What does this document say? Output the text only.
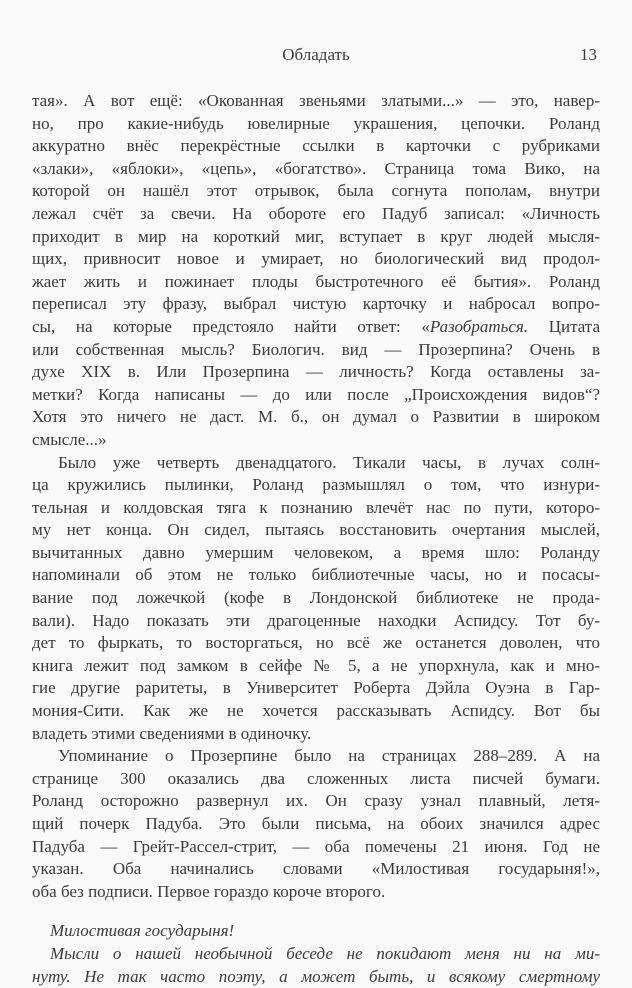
Обладать	13
тая». А вот ещё: «Окованная звеньями златыми...» — это, навер-
но, про какие-нибудь ювелирные украшения, цепочки. Роланд
аккуратно внёс перекрёстные ссылки в карточки с рубриками
«злаки», «яблоки», «цепь», «богатство». Страница тома Вико, на
которой он нашёл этот отрывок, была согнута пополам, внутри
лежал счёт за свечи. На обороте его Падуб записал: «Личность
приходит в мир на короткий миг, вступает в круг людей мысля-
щих, привносит новое и умирает, но биологический вид продол-
жает жить и пожинает плоды быстротечного её бытия». Роланд
переписал эту фразу, выбрал чистую карточку и набросал вопро-
сы, на которые предстояло найти ответ: «Разобраться. Цитата
или собственная мысль? Биологич. вид — Прозерпина? Очень в
духе XIX в. Или Прозерпина — личность? Когда оставлены за-
метки? Когда написаны — до или после „Происхождения видов“?
Хотя это ничего не даст. М. б., он думал о Развитии в широком
смысле...»
Было уже четверть двенадцатого. Тикали часы, в лучах солн-
ца кружились пылинки, Роланд размышлял о том, что изнури-
тельная и колдовская тяга к познанию влечёт нас по пути, которо-
му нет конца. Он сидел, пытаясь восстановить очертания мыслей,
вычитанных давно умершим человеком, а время шло: Роланду
напоминали об этом не только библиотечные часы, но и посасы-
вание под ложечкой (кофе в Лондонской библиотеке не прода-
вали). Надо показать эти драгоценные находки Аспидсу. Тот бу-
дет то фыркать, то восторгаться, но всё же останется доволен, что
книга лежит под замком в сейфе № 5, а не упорхнула, как и мно-
гие другие раритеты, в Университет Роберта Дэйла Оуэна в Гар-
мония-Сити. Как же не хочется рассказывать Аспидсу. Вот бы
владеть этими сведениями в одиночку.
Упоминание о Прозерпине было на страницах 288–289. А на
странице 300 оказались два сложенных листа писчей бумаги.
Роланд осторожно развернул их. Он сразу узнал плавный, летя-
щий почерк Падуба. Это были письма, на обоих значился адрес
Падуба — Грейт-Рассел-стрит, — оба помечены 21 июня. Год не
указан. Оба начинались словами «Милостивая государыня!»,
оба без подписи. Первое гораздо короче второго.
Милостивая государыня!
Мысли о нашей необычной беседе не покидают меня ни на ми-
нуту. Не так часто поэту, а может быть, и всякому смертному
